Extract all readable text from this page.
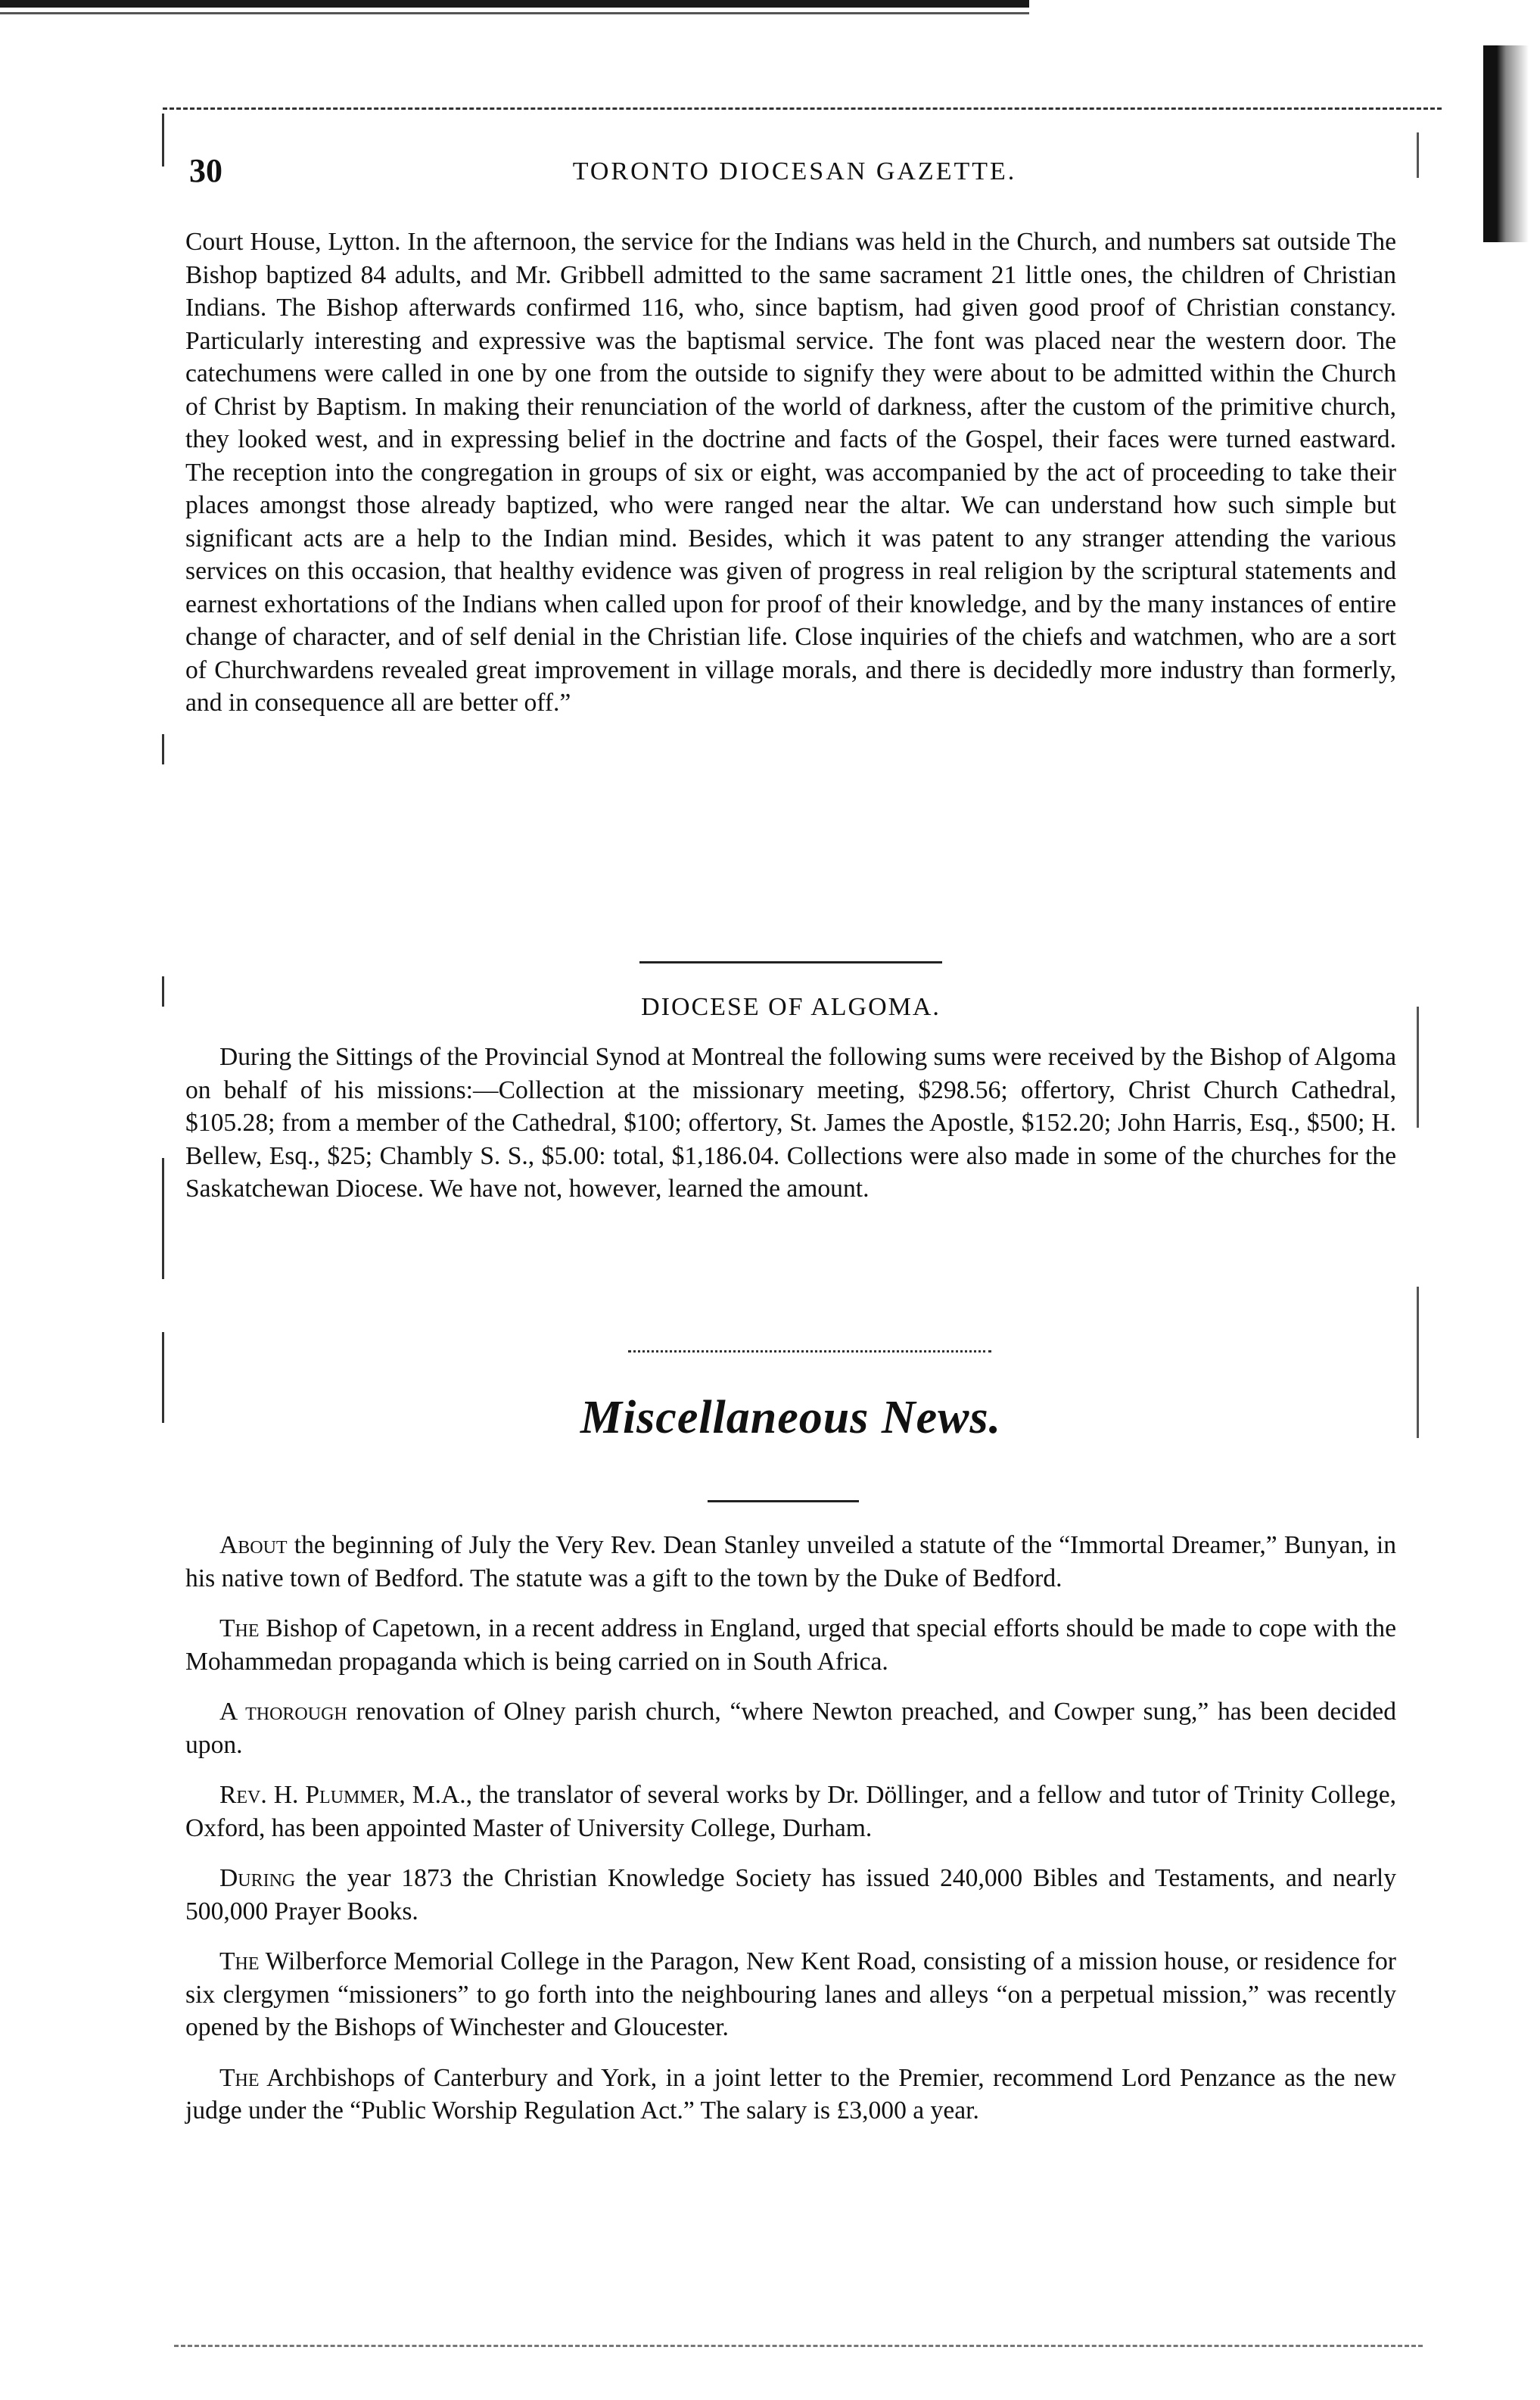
30	TORONTO DIOCESAN GAZETTE.

Court House, Lytton. In the afternoon, the service for the Indians was held in the Church, and numbers sat outside The Bishop baptized 84 adults, and Mr. Gribbell admitted to the same sacrament 21 little ones, the children of Christian Indians. The Bishop afterwards confirmed 116, who, since baptism, had given good proof of Christian constancy. Particularly interesting and expressive was the baptismal service. The font was placed near the western door. The catechumens were called in one by one from the outside to signify they were about to be admitted within the Church of Christ by Baptism. In making their renunciation of the world of darkness, after the custom of the primitive church, they looked west, and in expressing belief in the doctrine and facts of the Gospel, their faces were turned eastward. The reception into the congregation in groups of six or eight, was accompanied by the act of proceeding to take their places amongst those already baptized, who were ranged near the altar. We can understand how such simple but significant acts are a help to the Indian mind. Besides, which it was patent to any stranger attending the various services on this occasion, that healthy evidence was given of progress in real religion by the scriptural statements and earnest exhortations of the Indians when called upon for proof of their knowledge, and by the many instances of entire change of character, and of self denial in the Christian life. Close inquiries of the chiefs and watchmen, who are a sort of Churchwardens revealed great improvement in village morals, and there is decidedly more industry than formerly, and in consequence all are better off.”

DIOCESE OF ALGOMA.

During the Sittings of the Provincial Synod at Montreal the following sums were received by the Bishop of Algoma on behalf of his missions:—Collection at the missionary meeting, $298.56; offertory, Christ Church Cathedral, $105.28; from a member of the Cathedral, $100; offertory, St. James the Apostle, $152.20; John Harris, Esq., $500; H. Bellew, Esq., $25; Chambly S. S., $5.00: total, $1,186.04. Collections were also made in some of the churches for the Saskatchewan Diocese. We have not, however, learned the amount.

Miscellaneous News.

About the beginning of July the Very Rev. Dean Stanley unveiled a statute of the “Immortal Dreamer,” Bunyan, in his native town of Bedford. The statute was a gift to the town by the Duke of Bedford.

The Bishop of Capetown, in a recent address in England, urged that special efforts should be made to cope with the Mohammedan propaganda which is being carried on in South Africa.

A thorough renovation of Olney parish church, “where Newton preached, and Cowper sung,” has been decided upon.

Rev. H. Plummer, M.A., the translator of several works by Dr. Döllinger, and a fellow and tutor of Trinity College, Oxford, has been appointed Master of University College, Durham.

During the year 1873 the Christian Knowledge Society has issued 240,000 Bibles and Testaments, and nearly 500,000 Prayer Books.

The Wilberforce Memorial College in the Paragon, New Kent Road, consisting of a mission house, or residence for six clergymen “missioners” to go forth into the neighbouring lanes and alleys “on a perpetual mission,” was recently opened by the Bishops of Winchester and Gloucester.

The Archbishops of Canterbury and York, in a joint letter to the Premier, recommend Lord Penzance as the new judge under the “Public Worship Regulation Act.” The salary is £3,000 a year.
